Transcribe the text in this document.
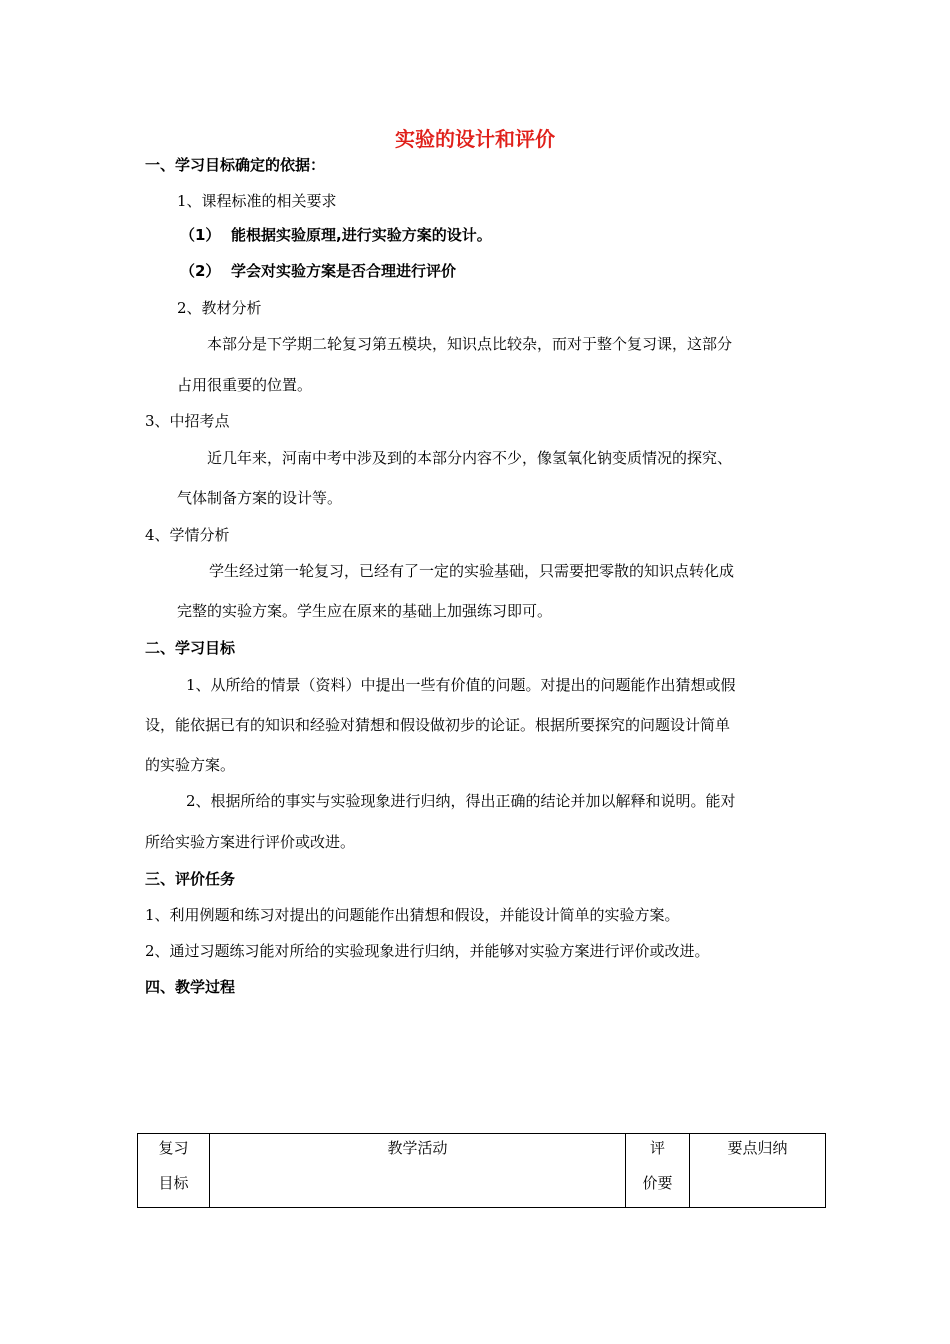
实验的设计和评价
一、学习目标确定的依据：
1、课程标准的相关要求
（1） 能根据实验原理,进行实验方案的设计。
（2） 学会对实验方案是否合理进行评价
2、教材分析
本部分是下学期二轮复习第五模块，知识点比较杂，而对于整个复习课，这部分
占用很重要的位置。
3、中招考点
近几年来，河南中考中涉及到的本部分内容不少，像氢氧化钠变质情况的探究、
气体制备方案的设计等。
4、学情分析
学生经过第一轮复习，已经有了一定的实验基础，只需要把零散的知识点转化成
完整的实验方案。学生应在原来的基础上加强练习即可。
二、学习目标
1、从所给的情景（资料）中提出一些有价值的问题。对提出的问题能作出猜想或假
设，能依据已有的知识和经验对猜想和假设做初步的论证。根据所要探究的问题设计简单
的实验方案。
2、根据所给的事实与实验现象进行归纳，得出正确的结论并加以解释和说明。能对
所给实验方案进行评价或改进。
三、评价任务
1、利用例题和练习对提出的问题能作出猜想和假设，并能设计简单的实验方案。
2、通过习题练习能对所给的实验现象进行归纳，并能够对实验方案进行评价或改进。
四、教学过程
复习
目标
教学活动	评
价要
要点归纳
